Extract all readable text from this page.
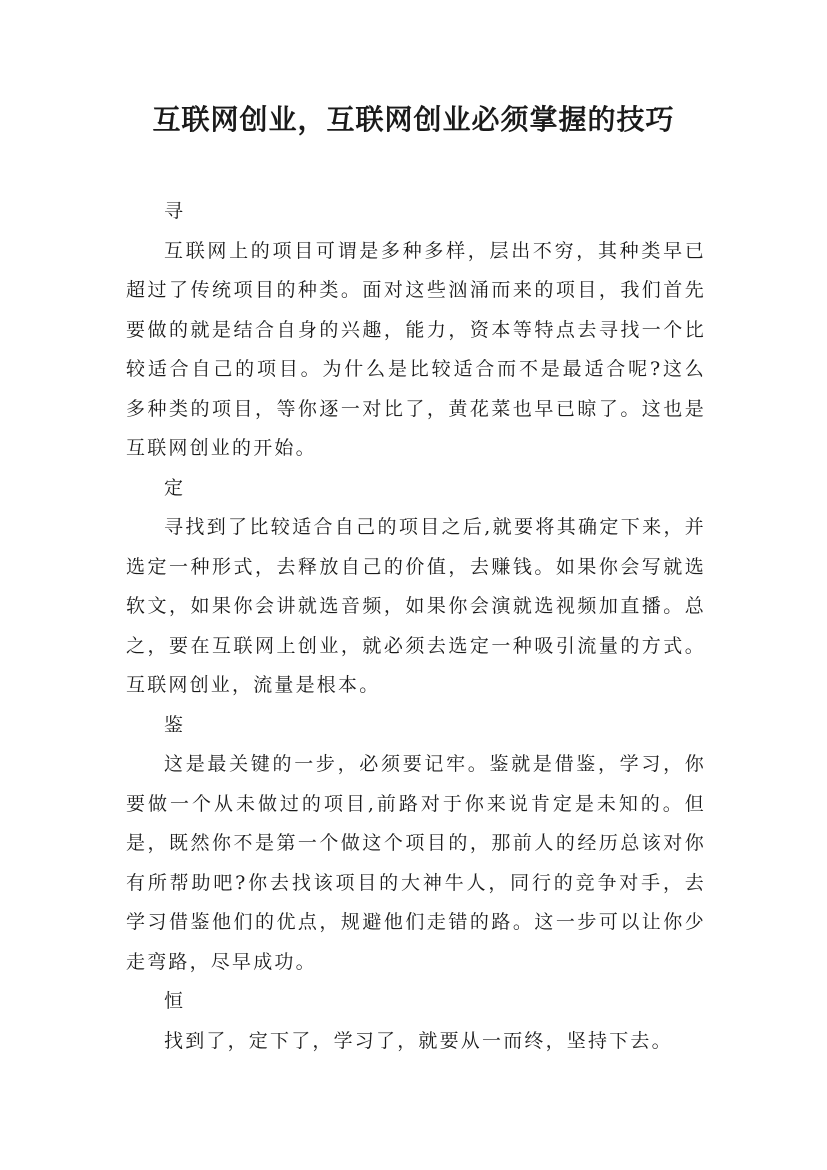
互联网创业，互联网创业必须掌握的技巧

寻

互联网上的项目可谓是多种多样，层出不穷，其种类早已超过了传统项目的种类。面对这些汹涌而来的项目，我们首先要做的就是结合自身的兴趣，能力，资本等特点去寻找一个比较适合自己的项目。为什么是比较适合而不是最适合呢?这么多种类的项目，等你逐一对比了，黄花菜也早已晾了。这也是互联网创业的开始。

定

寻找到了比较适合自己的项目之后,就要将其确定下来，并选定一种形式，去释放自己的价值，去赚钱。如果你会写就选软文，如果你会讲就选音频，如果你会演就选视频加直播。总之，要在互联网上创业，就必须去选定一种吸引流量的方式。互联网创业，流量是根本。

鉴

这是最关键的一步，必须要记牢。鉴就是借鉴，学习，你要做一个从未做过的项目,前路对于你来说肯定是未知的。但是，既然你不是第一个做这个项目的，那前人的经历总该对你有所帮助吧?你去找该项目的大神牛人，同行的竞争对手，去学习借鉴他们的优点，规避他们走错的路。这一步可以让你少走弯路，尽早成功。

恒

找到了，定下了，学习了，就要从一而终，坚持下去。
